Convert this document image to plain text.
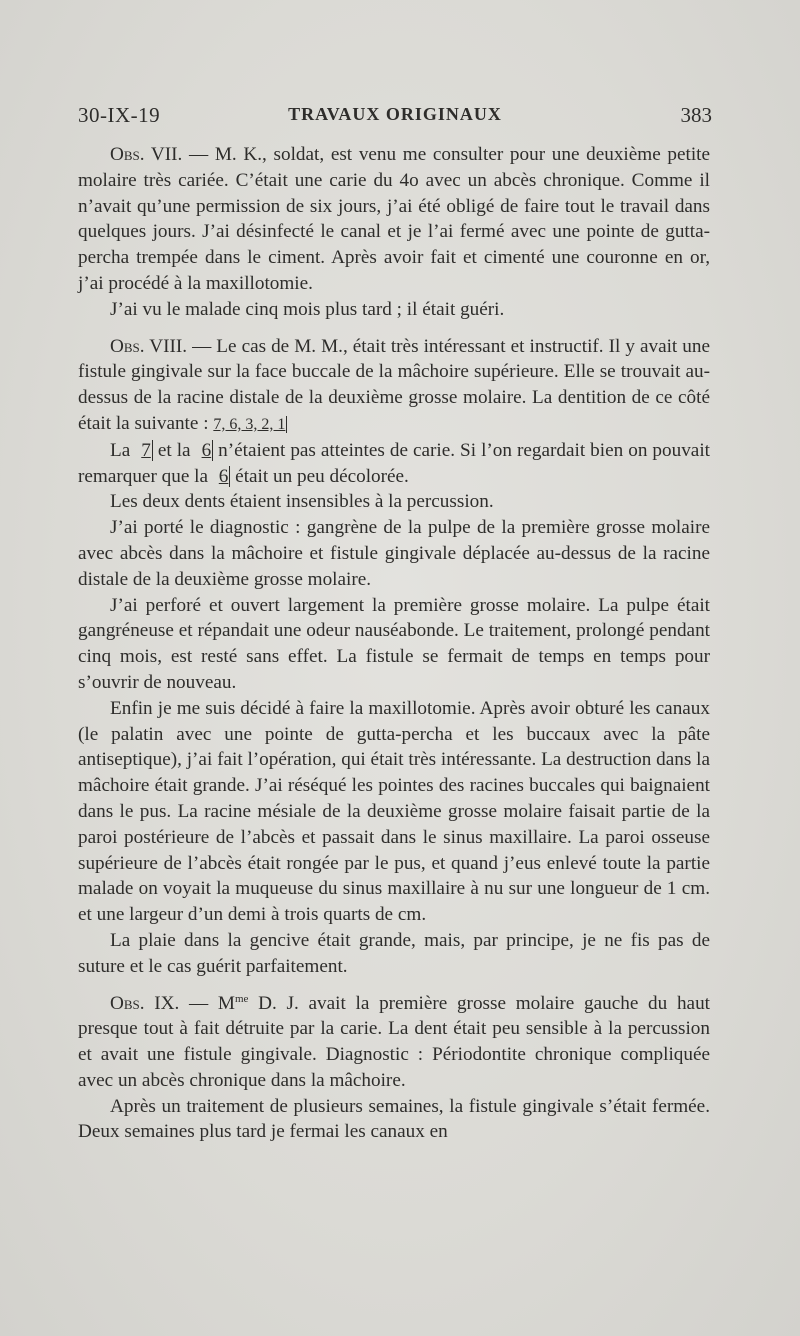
30-IX-19	TRAVAUX ORIGINAUX	383

Obs. VII. — M. K., soldat, est venu me consulter pour une deuxième petite molaire très cariée. C’était une carie du 4o avec un abcès chronique. Comme il n’avait qu’une permission de six jours, j’ai été obligé de faire tout le travail dans quelques jours. J’ai désinfecté le canal et je l’ai fermé avec une pointe de gutta-percha trempée dans le ciment. Après avoir fait et cimenté une couronne en or, j’ai procédé à la maxillotomie.

J’ai vu le malade cinq mois plus tard ; il était guéri.

Obs. VIII. — Le cas de M. M., était très intéressant et instructif. Il y avait une fistule gingivale sur la face buccale de la mâchoire supérieure. Elle se trouvait au-dessus de la racine distale de la deuxième grosse molaire. La dentition de ce côté était la suivante : 7, 6, 3, 2, 1

La 7 et la 6 n’étaient pas atteintes de carie. Si l’on regardait bien on pouvait remarquer que la 6 était un peu décolorée.

Les deux dents étaient insensibles à la percussion.

J’ai porté le diagnostic : gangrène de la pulpe de la première grosse molaire avec abcès dans la mâchoire et fistule gingivale déplacée au-dessus de la racine distale de la deuxième grosse molaire.

J’ai perforé et ouvert largement la première grosse molaire. La pulpe était gangréneuse et répandait une odeur nauséabonde. Le traitement, prolongé pendant cinq mois, est resté sans effet. La fistule se fermait de temps en temps pour s’ouvrir de nouveau.

Enfin je me suis décidé à faire la maxillotomie. Après avoir obturé les canaux (le palatin avec une pointe de gutta-percha et les buccaux avec la pâte antiseptique), j’ai fait l’opération, qui était très intéressante. La destruction dans la mâchoire était grande. J’ai réséqué les pointes des racines buccales qui baignaient dans le pus. La racine mésiale de la deuxième grosse molaire faisait partie de la paroi postérieure de l’abcès et passait dans le sinus maxillaire. La paroi osseuse supérieure de l’abcès était rongée par le pus, et quand j’eus enlevé toute la partie malade on voyait la muqueuse du sinus maxillaire à nu sur une longueur de 1 cm. et une largeur d’un demi à trois quarts de cm.

La plaie dans la gencive était grande, mais, par principe, je ne fis pas de suture et le cas guérit parfaitement.

Obs. IX. — $M^{me}$ D. J. avait la première grosse molaire gauche du haut presque tout à fait détruite par la carie. La dent était peu sensible à la percussion et avait une fistule gingivale. Diagnostic : Périodontite chronique compliquée avec un abcès chronique dans la mâchoire.

Après un traitement de plusieurs semaines, la fistule gingivale s’était fermée. Deux semaines plus tard je fermai les canaux en
